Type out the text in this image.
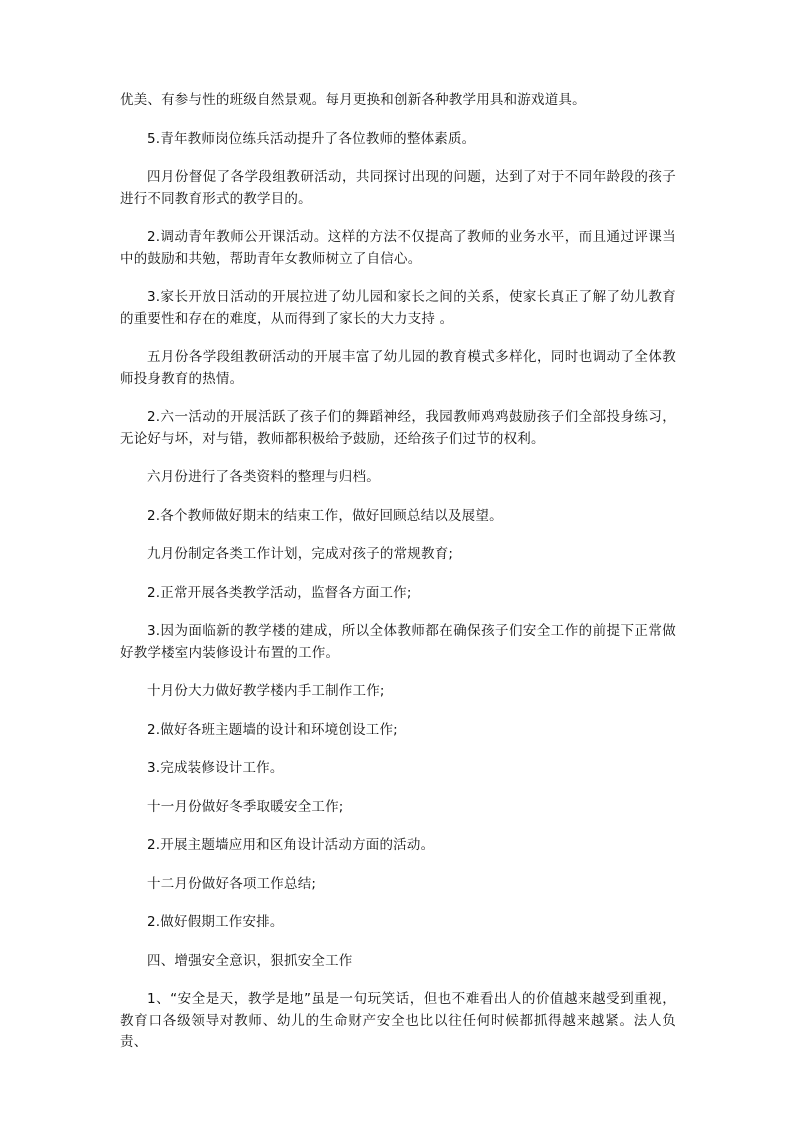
优美、有参与性的班级自然景观。每月更换和创新各种教学用具和游戏道具。

5.青年教师岗位练兵活动提升了各位教师的整体素质。

四月份督促了各学段组教研活动，共同探讨出现的问题，达到了对于不同年龄段的孩子进行不同教育形式的教学目的。

2.调动青年教师公开课活动。这样的方法不仅提高了教师的业务水平，而且通过评课当中的鼓励和共勉，帮助青年女教师树立了自信心。

3.家长开放日活动的开展拉进了幼儿园和家长之间的关系，使家长真正了解了幼儿教育的重要性和存在的难度，从而得到了家长的大力支持 。

五月份各学段组教研活动的开展丰富了幼儿园的教育模式多样化，同时也调动了全体教师投身教育的热情。

2.六一活动的开展活跃了孩子们的舞蹈神经，我园教师鸡鸡鼓励孩子们全部投身练习，无论好与坏，对与错，教师都积极给予鼓励，还给孩子们过节的权利。

六月份进行了各类资料的整理与归档。

2.各个教师做好期末的结束工作，做好回顾总结以及展望。

九月份制定各类工作计划，完成对孩子的常规教育;

2.正常开展各类教学活动，监督各方面工作;

3.因为面临新的教学楼的建成，所以全体教师都在确保孩子们安全工作的前提下正常做好教学楼室内装修设计布置的工作。

十月份大力做好教学楼内手工制作工作;

2.做好各班主题墙的设计和环境创设工作;

3.完成装修设计工作。

十一月份做好冬季取暖安全工作;

2.开展主题墙应用和区角设计活动方面的活动。

十二月份做好各项工作总结;

2.做好假期工作安排。

四、增强安全意识，狠抓安全工作

1、“安全是天，教学是地”虽是一句玩笑话，但也不难看出人的价值越来越受到重视，教育口各级领导对教师、幼儿的生命财产安全也比以往任何时候都抓得越来越紧。法人负责、
